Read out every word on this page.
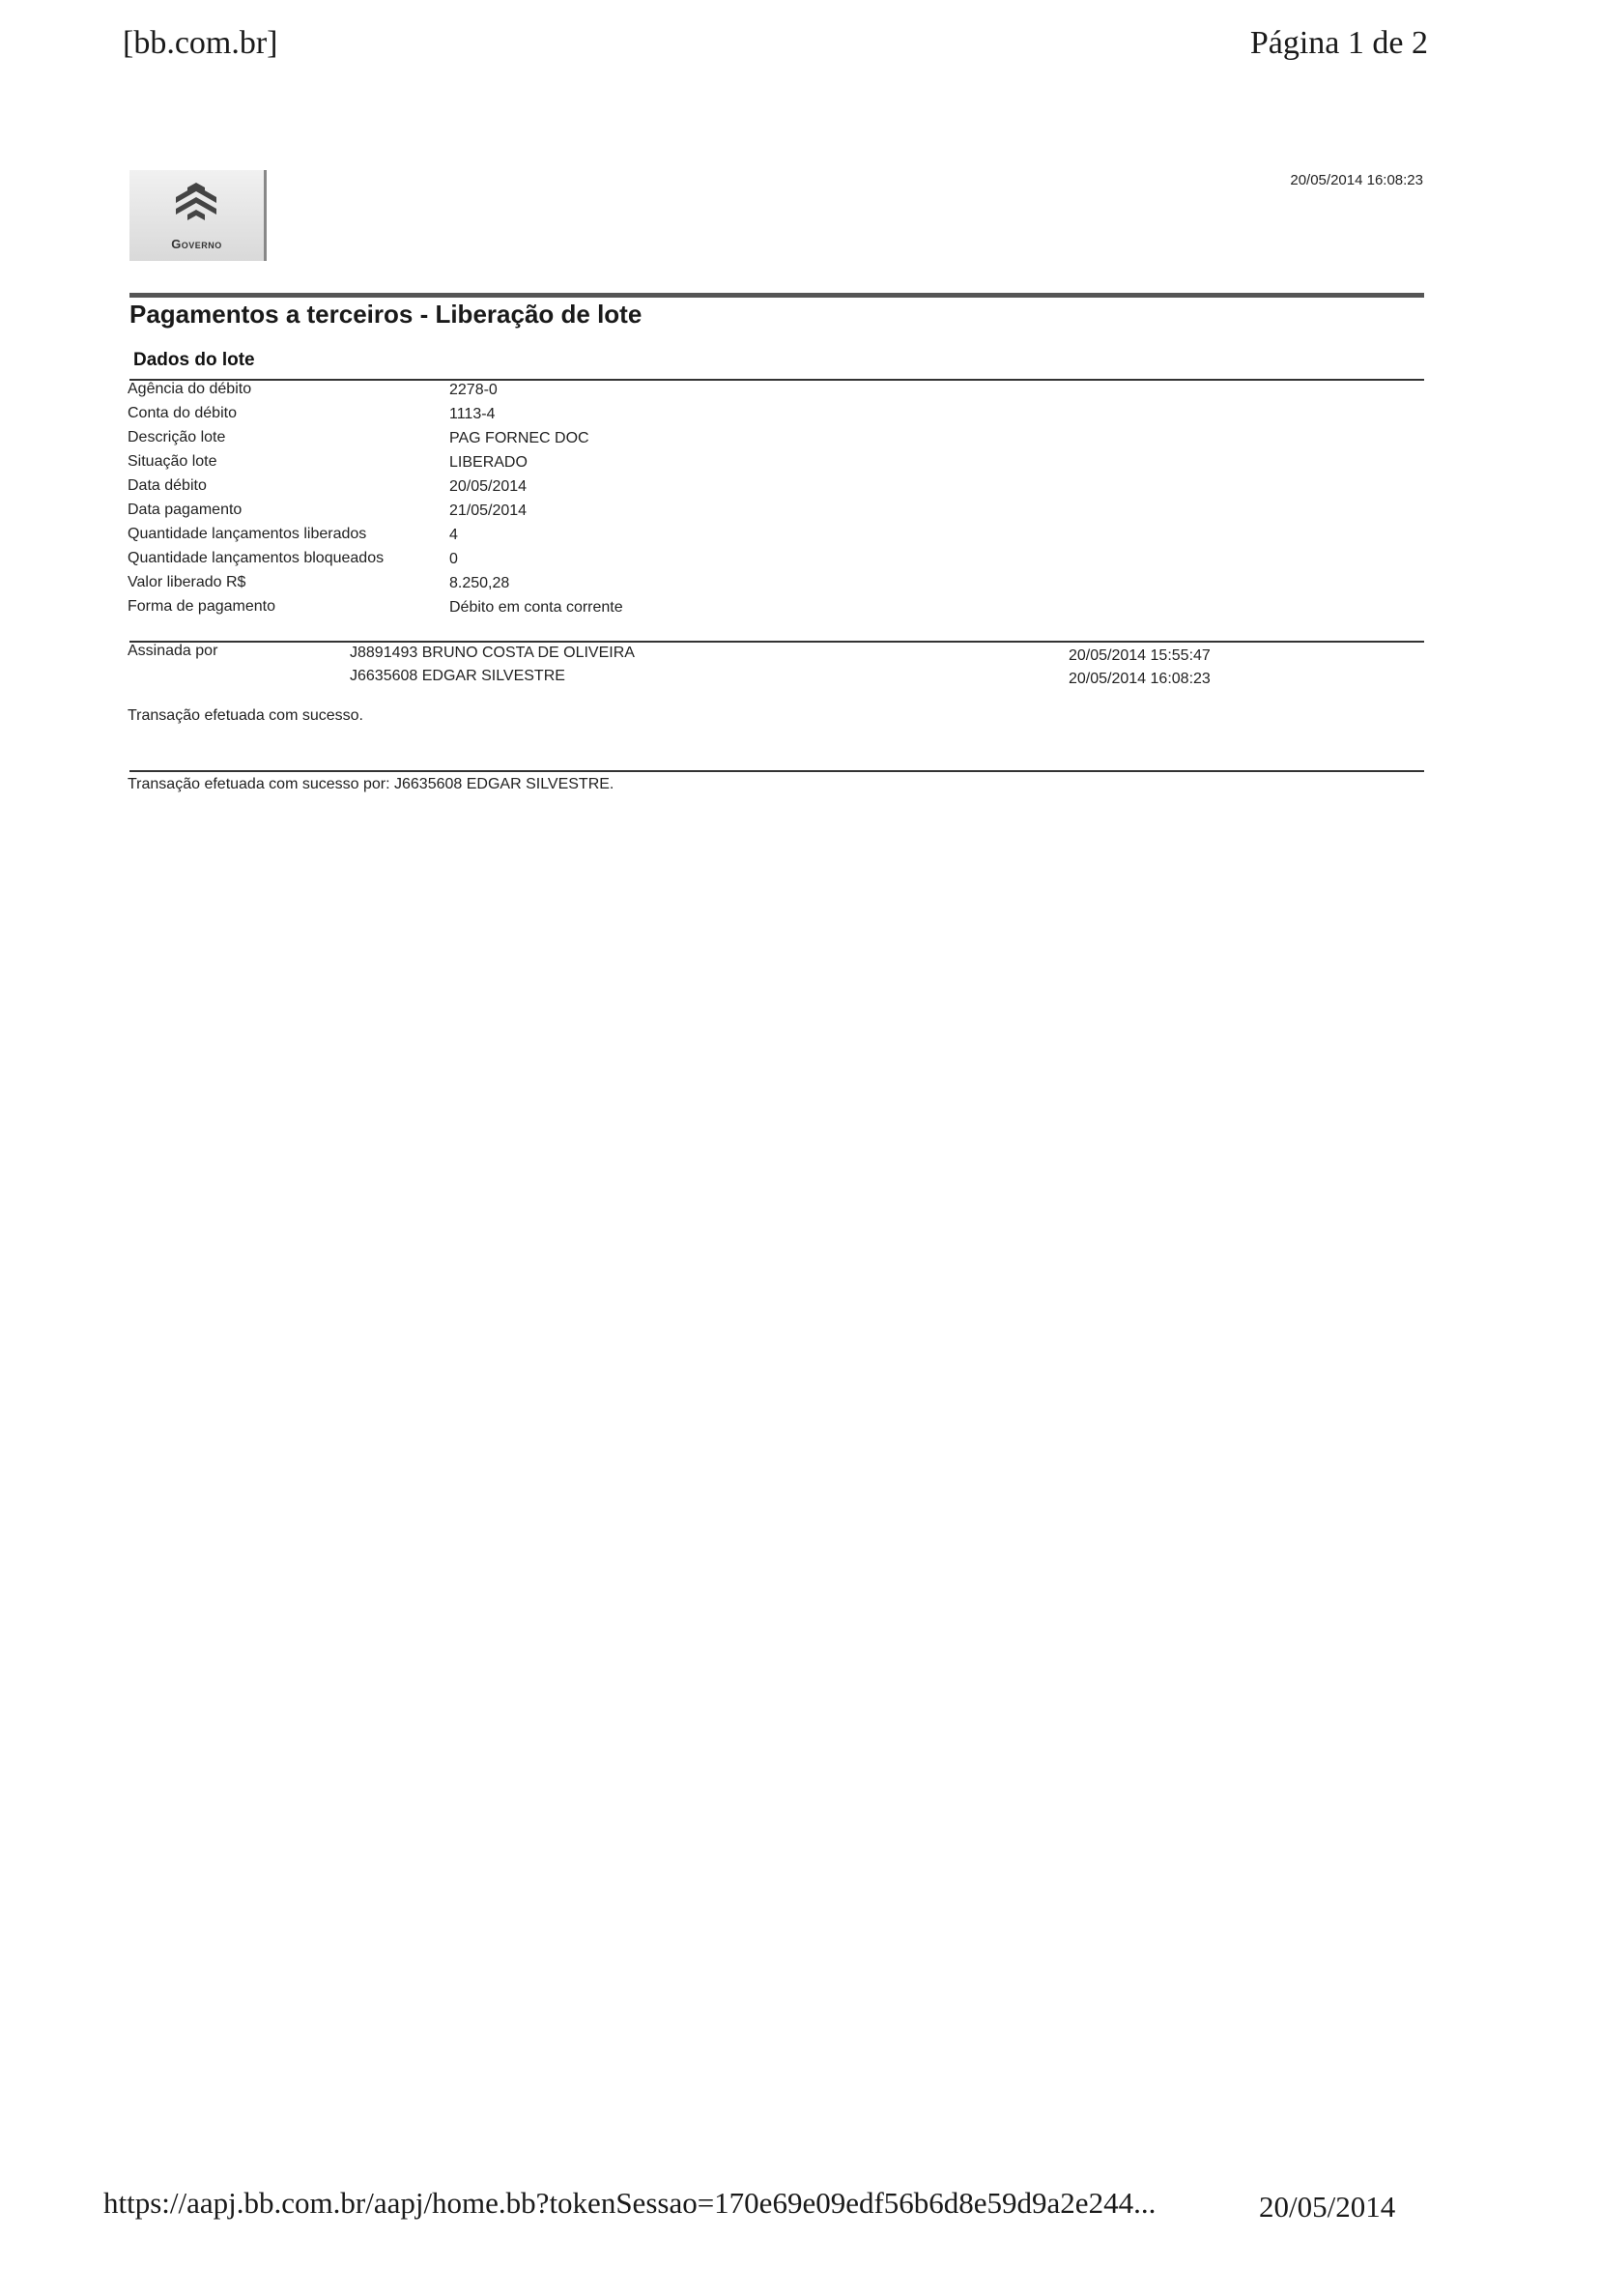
[bb.com.br]	Página 1 de 2
Governo
20/05/2014 16:08:23
Pagamentos a terceiros - Liberação de lote
Dados do lote
Agência do débito	2278-0
Conta do débito	1113-4
Descrição lote	PAG FORNEC DOC
Situação lote	LIBERADO
Data débito	20/05/2014
Data pagamento	21/05/2014
Quantidade lançamentos liberados	4
Quantidade lançamentos bloqueados	0
Valor liberado R$	8.250,28
Forma de pagamento	Débito em conta corrente
Assinada por	J8891493 BRUNO COSTA DE OLIVEIRA	20/05/2014 15:55:47
J6635608 EDGAR SILVESTRE	20/05/2014 16:08:23
Transação efetuada com sucesso.
Transação efetuada com sucesso por: J6635608 EDGAR SILVESTRE.
https://aapj.bb.com.br/aapj/home.bb?tokenSessao=170e69e09edf56b6d8e59d9a2e244...	20/05/2014
